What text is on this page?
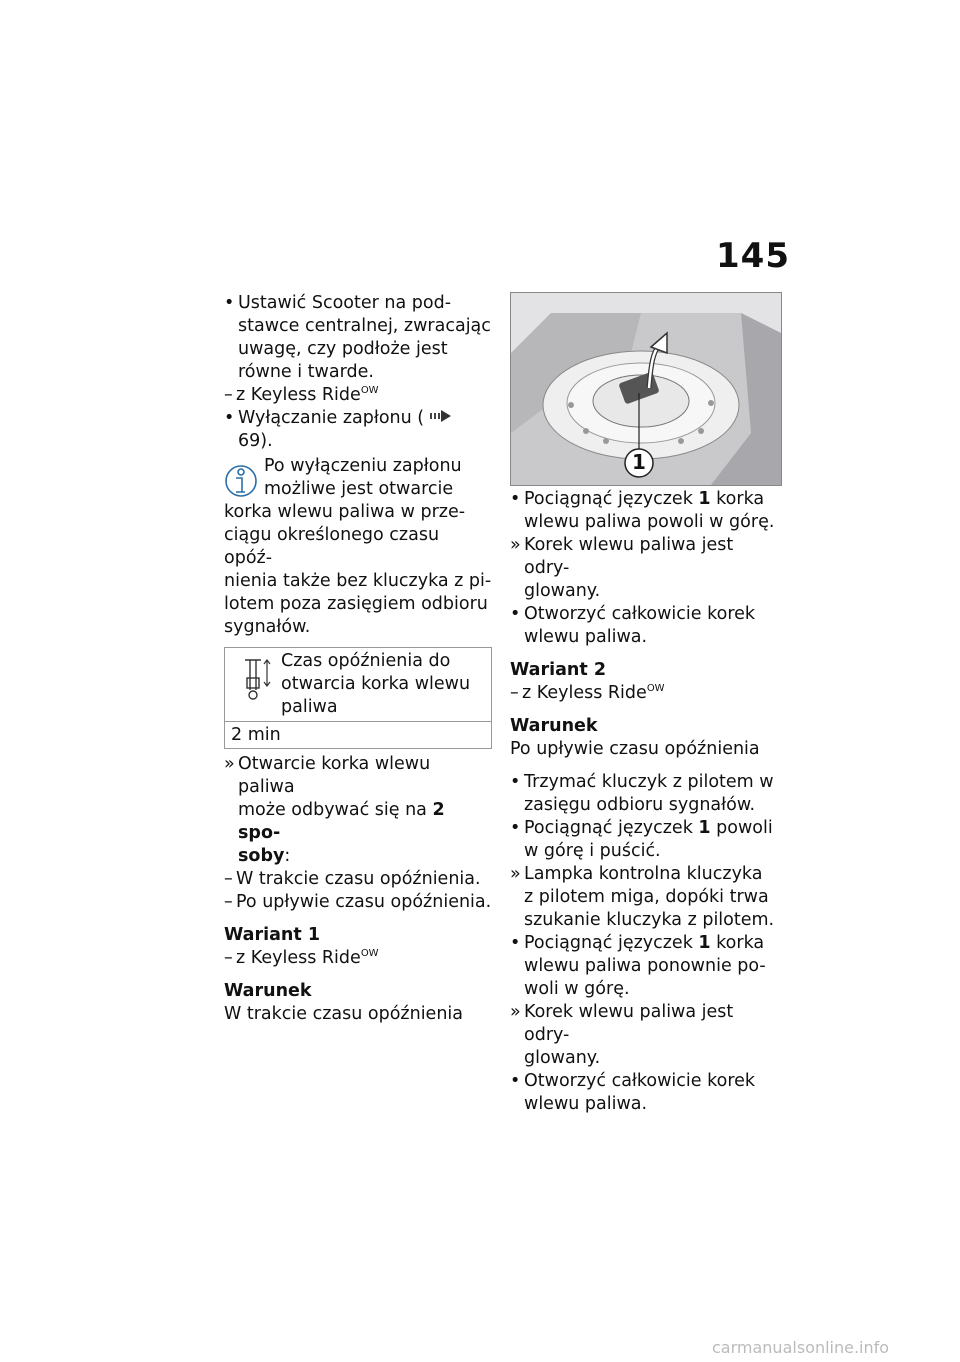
145
• Ustawić Scooter na pod-
stawce centralnej, zwracając
uwagę, czy podłoże jest
równe i twarde.
– z Keyless Ride$^{OW}$
• Wyłączanie zapłonu (  69).
Po wyłączeniu zapłonu
możliwe jest otwarcie
korka wlewu paliwa w prze-
ciągu określonego czasu opóź-
nienia także bez kluczyka z pi-
lotem poza zasięgiem odbioru
sygnałów.
Czas opóźnienia do
otwarcia korka wlewu
paliwa
2 min
» Otwarcie korka wlewu paliwa
może odbywać się na 2 spo-
soby:
– W trakcie czasu opóźnienia.
– Po upływie czasu opóźnienia.
Wariant 1
– z Keyless Ride$^{OW}$
Warunek
W trakcie czasu opóźnienia
1
• Pociągnąć języczek 1 korka
wlewu paliwa powoli w górę.
» Korek wlewu paliwa jest odry-
glowany.
• Otworzyć całkowicie korek
wlewu paliwa.
Wariant 2
– z Keyless Ride$^{OW}$
Warunek
Po upływie czasu opóźnienia
• Trzymać kluczyk z pilotem w
zasięgu odbioru sygnałów.
• Pociągnąć języczek 1 powoli
w górę i puścić.
» Lampka kontrolna kluczyka
z pilotem miga, dopóki trwa
szukanie kluczyka z pilotem.
• Pociągnąć języczek 1 korka
wlewu paliwa ponownie po-
woli w górę.
» Korek wlewu paliwa jest odry-
glowany.
• Otworzyć całkowicie korek
wlewu paliwa.
carmanualsonline.info
